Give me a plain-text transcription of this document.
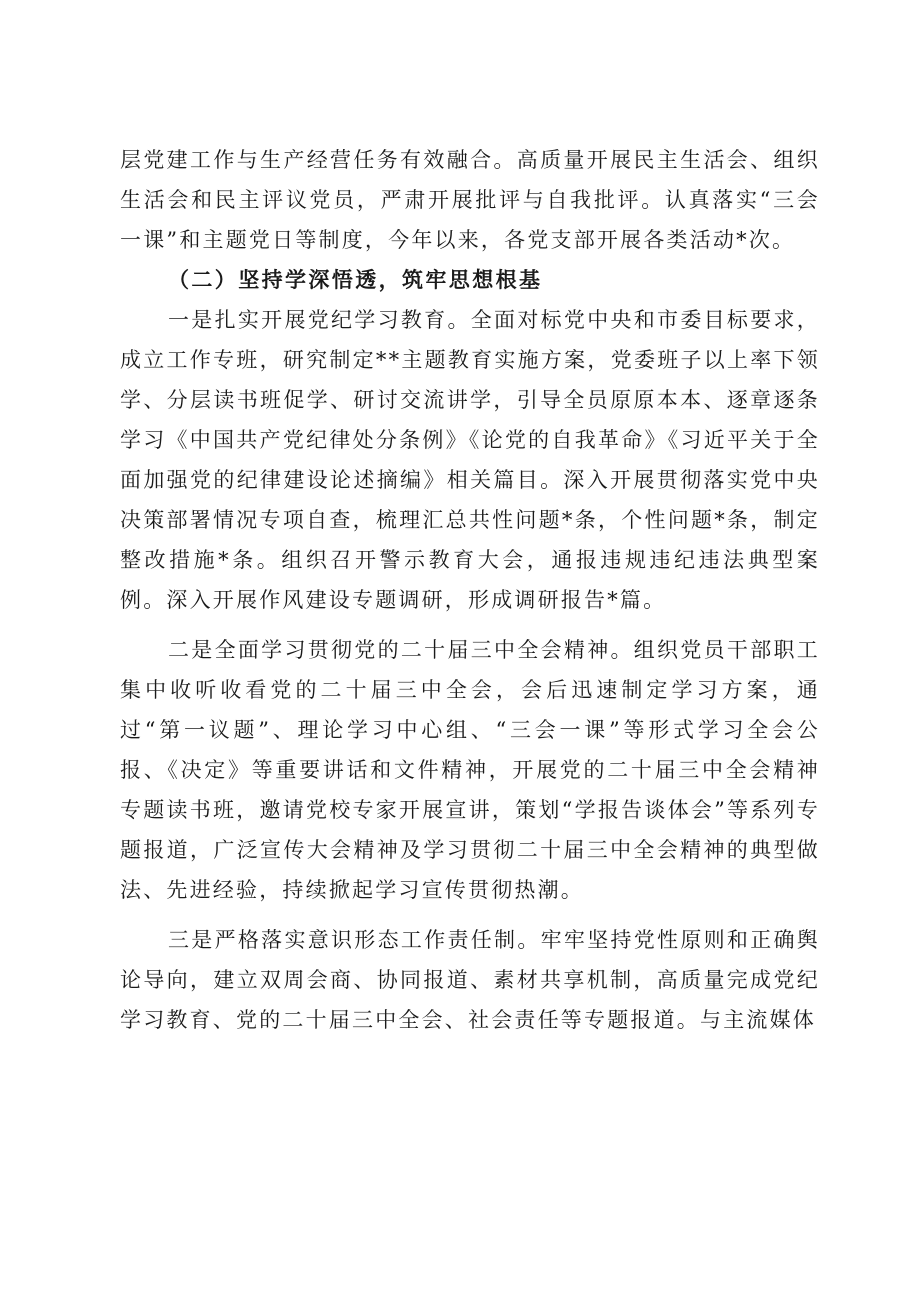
层党建工作与生产经营任务有效融合。高质量开展民主生活会、组织生活会和民主评议党员，严肃开展批评与自我批评。认真落实“三会一课”和主题党日等制度，今年以来，各党支部开展各类活动*次。

（二）坚持学深悟透，筑牢思想根基

一是扎实开展党纪学习教育。全面对标党中央和市委目标要求，成立工作专班，研究制定**主题教育实施方案，党委班子以上率下领学、分层读书班促学、研讨交流讲学，引导全员原原本本、逐章逐条学习《中国共产党纪律处分条例》《论党的自我革命》《习近平关于全面加强党的纪律建设论述摘编》相关篇目。深入开展贯彻落实党中央决策部署情况专项自查，梳理汇总共性问题*条，个性问题*条，制定整改措施*条。组织召开警示教育大会，通报违规违纪违法典型案例。深入开展作风建设专题调研，形成调研报告*篇。

二是全面学习贯彻党的二十届三中全会精神。组织党员干部职工集中收听收看党的二十届三中全会，会后迅速制定学习方案，通过“第一议题”、理论学习中心组、“三会一课”等形式学习全会公报、《决定》等重要讲话和文件精神，开展党的二十届三中全会精神专题读书班，邀请党校专家开展宣讲，策划“学报告谈体会”等系列专题报道，广泛宣传大会精神及学习贯彻二十届三中全会精神的典型做法、先进经验，持续掀起学习宣传贯彻热潮。

三是严格落实意识形态工作责任制。牢牢坚持党性原则和正确舆论导向，建立双周会商、协同报道、素材共享机制，高质量完成党纪学习教育、党的二十届三中全会、社会责任等专题报道。与主流媒体
